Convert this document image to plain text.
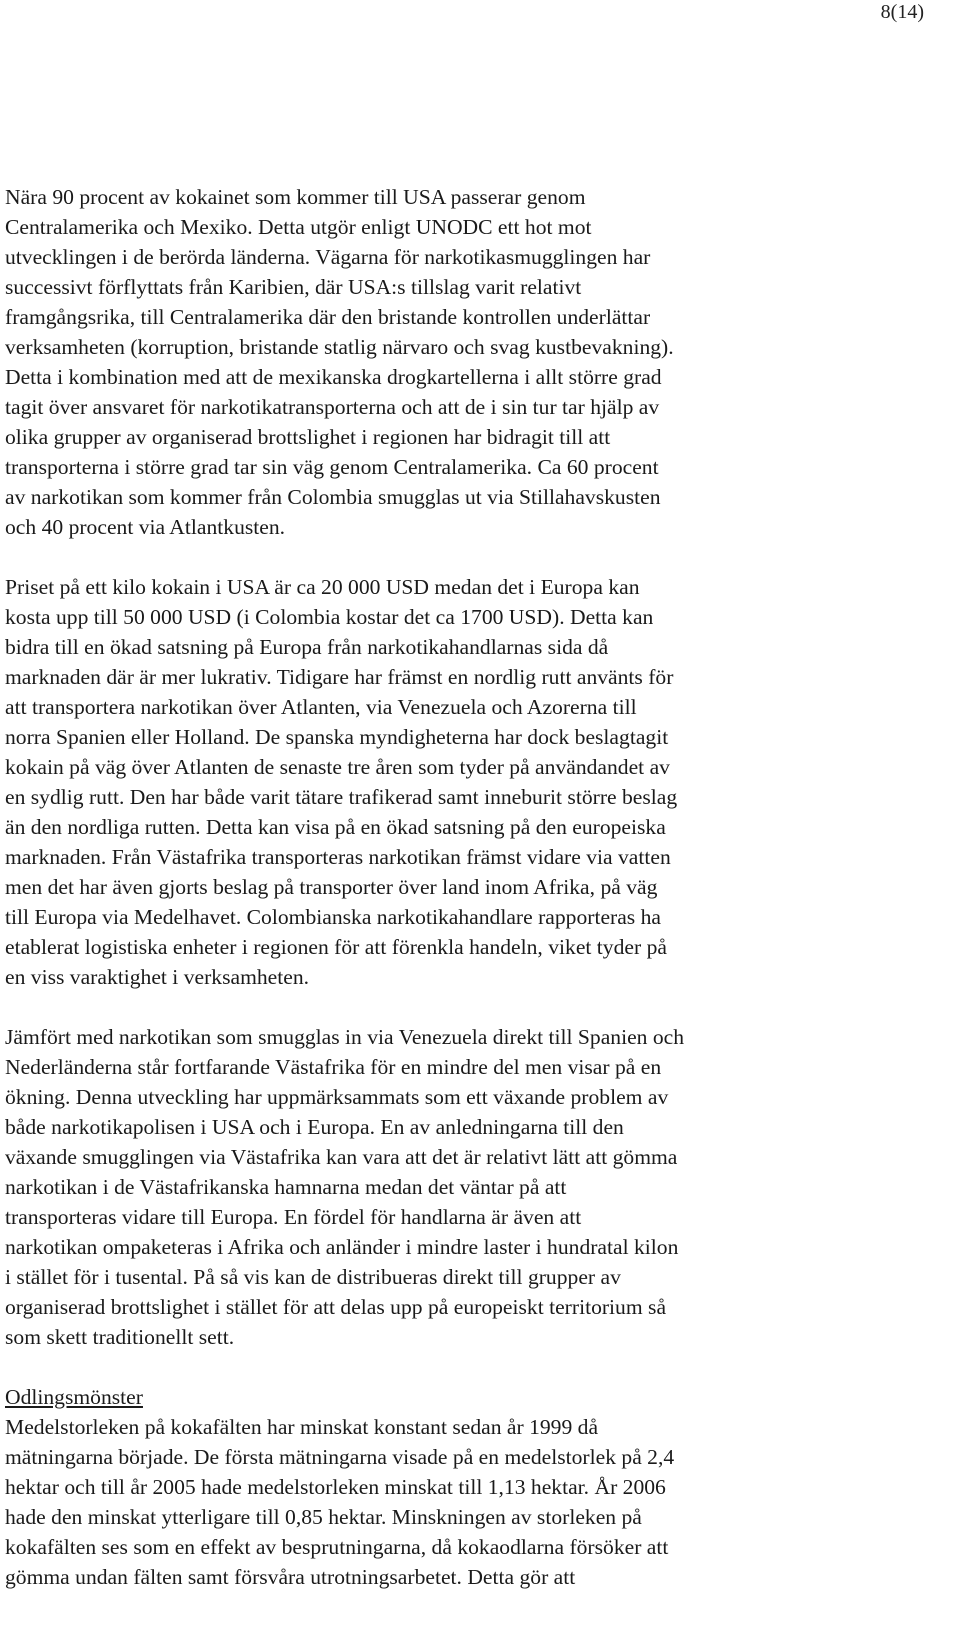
8(14)

Nära 90 procent av kokainet som kommer till USA passerar genom
Centralamerika och Mexiko. Detta utgör enligt UNODC ett hot mot
utvecklingen i de berörda länderna. Vägarna för narkotikasmugglingen har
successivt förflyttats från Karibien, där USA:s tillslag varit relativt
framgångsrika, till Centralamerika där den bristande kontrollen underlättar
verksamheten (korruption, bristande statlig närvaro och svag kustbevakning).
Detta i kombination med att de mexikanska drogkartellerna i allt större grad
tagit över ansvaret för narkotikatransporterna och att de i sin tur tar hjälp av
olika grupper av organiserad brottslighet i regionen har bidragit till att
transporterna i större grad tar sin väg genom Centralamerika. Ca 60 procent
av narkotikan som kommer från Colombia smugglas ut via Stillahavskusten
och 40 procent via Atlantkusten.

Priset på ett kilo kokain i USA är ca 20 000 USD medan det i Europa kan
kosta upp till 50 000 USD (i Colombia kostar det ca 1700 USD). Detta kan
bidra till en ökad satsning på Europa från narkotikahandlarnas sida då
marknaden där är mer lukrativ. Tidigare har främst en nordlig rutt använts för
att transportera narkotikan över Atlanten, via Venezuela och Azorerna till
norra Spanien eller Holland. De spanska myndigheterna har dock beslagtagit
kokain på väg över Atlanten de senaste tre åren som tyder på användandet av
en sydlig rutt. Den har både varit tätare trafikerad samt inneburit större beslag
än den nordliga rutten. Detta kan visa på en ökad satsning på den europeiska
marknaden. Från Västafrika transporteras narkotikan främst vidare via vatten
men det har även gjorts beslag på transporter över land inom Afrika, på väg
till Europa via Medelhavet. Colombianska narkotikahandlare rapporteras ha
etablerat logistiska enheter i regionen för att förenkla handeln, viket tyder på
en viss varaktighet i verksamheten.

Jämfört med narkotikan som smugglas in via Venezuela direkt till Spanien och
Nederländerna står fortfarande Västafrika för en mindre del men visar på en
ökning. Denna utveckling har uppmärksammats som ett växande problem av
både narkotikapolisen i USA och i Europa. En av anledningarna till den
växande smugglingen via Västafrika kan vara att det är relativt lätt att gömma
narkotikan i de Västafrikanska hamnarna medan det väntar på att
transporteras vidare till Europa. En fördel för handlarna är även att
narkotikan ompaketeras i Afrika och anländer i mindre laster i hundratal kilon
i stället för i tusental. På så vis kan de distribueras direkt till grupper av
organiserad brottslighet i stället för att delas upp på europeiskt territorium så
som skett traditionellt sett.

Odlingsmönster

Medelstorleken på kokafälten har minskat konstant sedan år 1999 då
mätningarna började. De första mätningarna visade på en medelstorlek på 2,4
hektar och till år 2005 hade medelstorleken minskat till 1,13 hektar. År 2006
hade den minskat ytterligare till 0,85 hektar. Minskningen av storleken på
kokafälten ses som en effekt av besprutningarna, då kokaodlarna försöker att
gömma undan fälten samt försvåra utrotningsarbetet. Detta gör att
